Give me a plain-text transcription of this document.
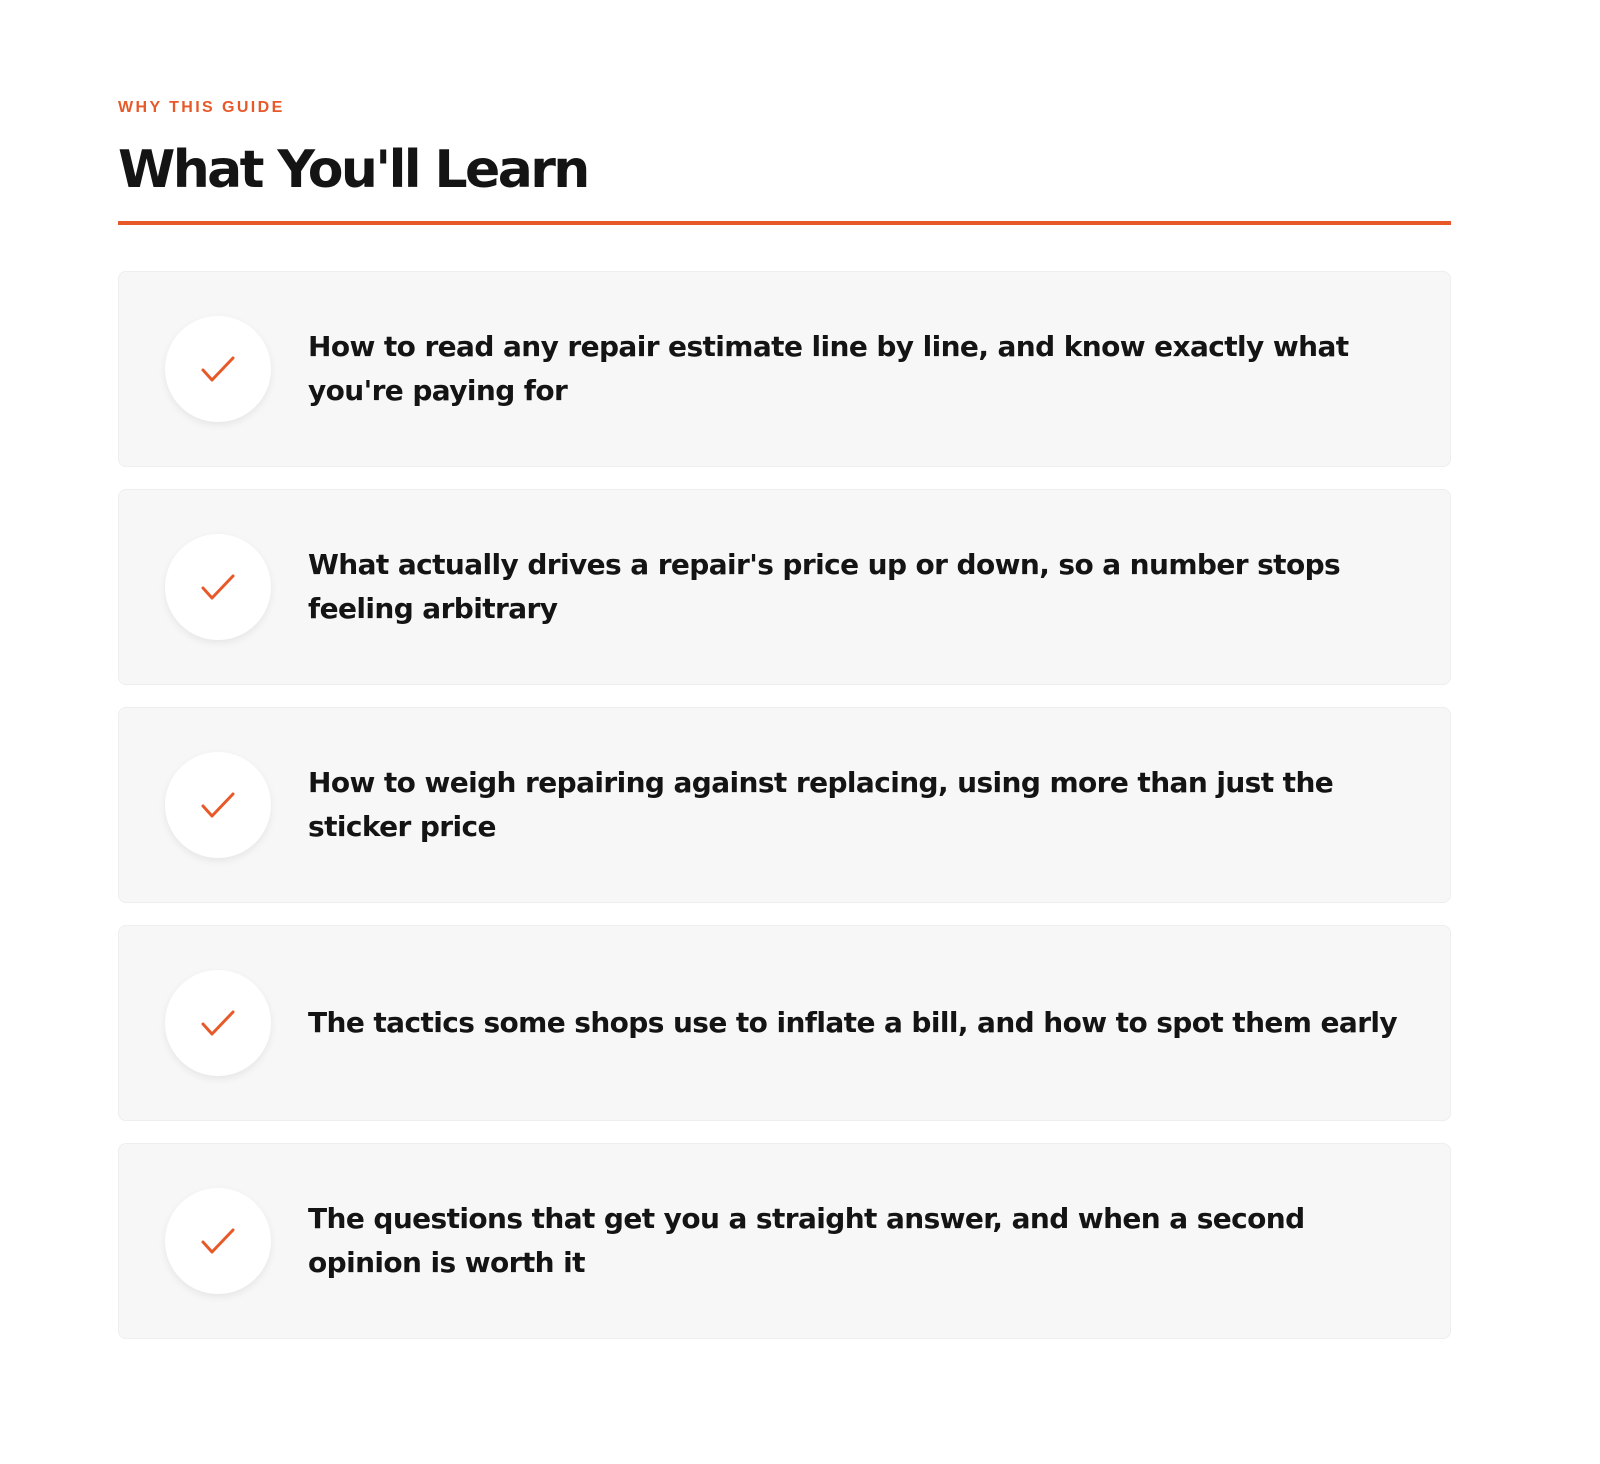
WHY THIS GUIDE
What You'll Learn
How to read any repair estimate line by line, and know exactly what you're paying for
What actually drives a repair's price up or down, so a number stops feeling arbitrary
How to weigh repairing against replacing, using more than just the sticker price
The tactics some shops use to inflate a bill, and how to spot them early
The questions that get you a straight answer, and when a second opinion is worth it
